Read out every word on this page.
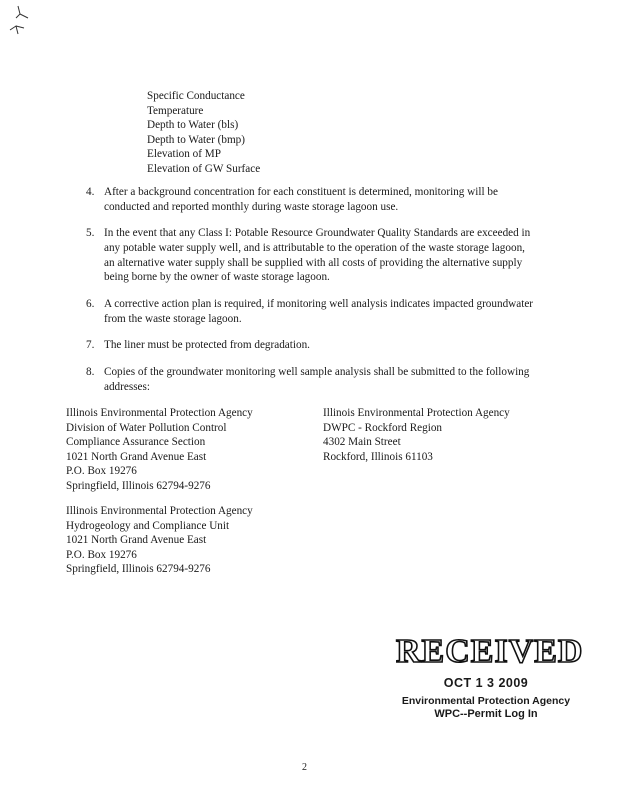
Specific Conductance
Temperature
Depth to Water (bls)
Depth to Water (bmp)
Elevation of MP
Elevation of GW Surface
4. After a background concentration for each constituent is determined, monitoring will be conducted and reported monthly during waste storage lagoon use.
5. In the event that any Class I: Potable Resource Groundwater Quality Standards are exceeded in any potable water supply well, and is attributable to the operation of the waste storage lagoon, an alternative water supply shall be supplied with all costs of providing the alternative supply being borne by the owner of waste storage lagoon.
6. A corrective action plan is required, if monitoring well analysis indicates impacted groundwater from the waste storage lagoon.
7. The liner must be protected from degradation.
8. Copies of the groundwater monitoring well sample analysis shall be submitted to the following addresses:
Illinois Environmental Protection Agency
Division of Water Pollution Control
Compliance Assurance Section
1021 North Grand Avenue East
P.O. Box 19276
Springfield, Illinois 62794-9276
Illinois Environmental Protection Agency
DWPC - Rockford Region
4302 Main Street
Rockford, Illinois 61103
Illinois Environmental Protection Agency
Hydrogeology and Compliance Unit
1021 North Grand Avenue East
P.O. Box 19276
Springfield, Illinois 62794-9276
RECEIVED
OCT 1 3 2009
Environmental Protection Agency
WPC--Permit Log In
2
